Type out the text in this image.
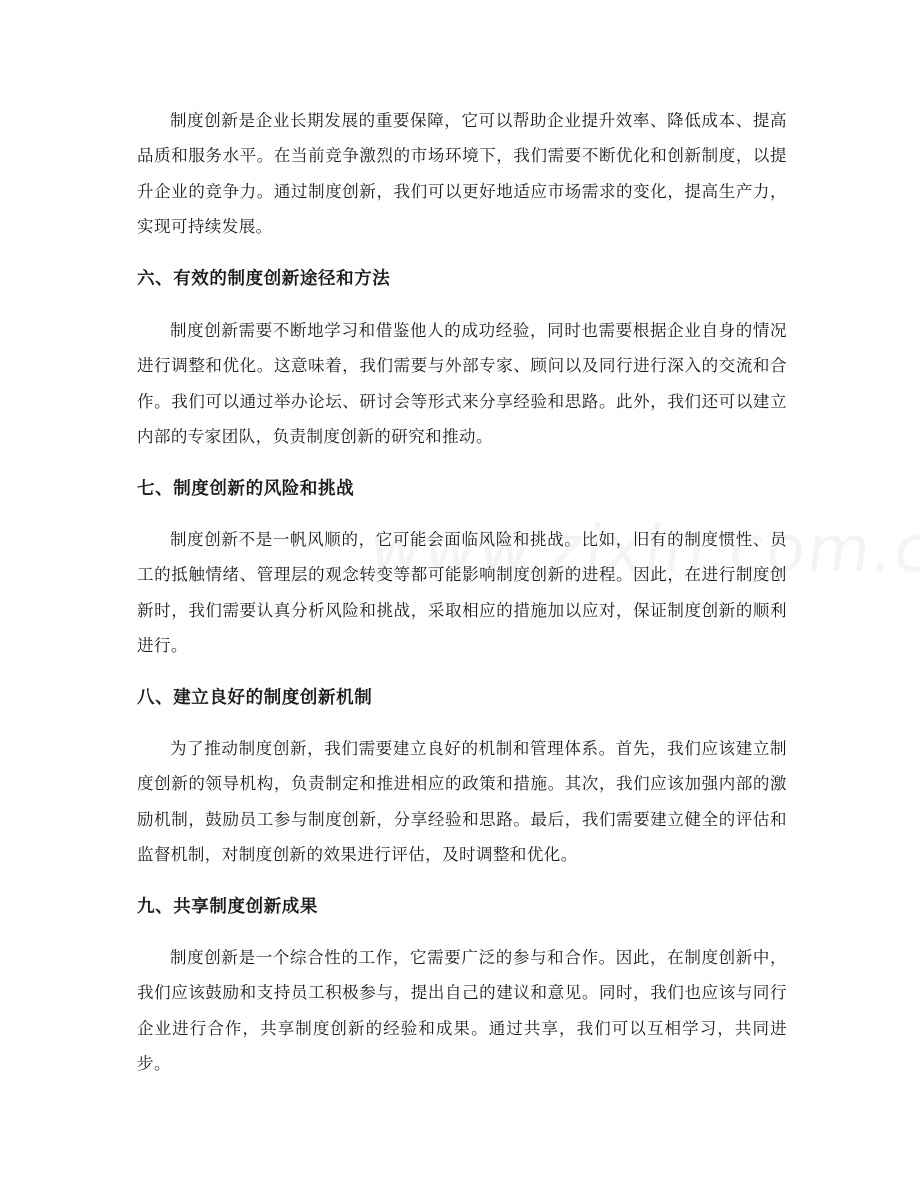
制度创新是企业长期发展的重要保障，它可以帮助企业提升效率、降低成本、提高品质和服务水平。在当前竞争激烈的市场环境下，我们需要不断优化和创新制度，以提升企业的竞争力。通过制度创新，我们可以更好地适应市场需求的变化，提高生产力，实现可持续发展。

六、有效的制度创新途径和方法

制度创新需要不断地学习和借鉴他人的成功经验，同时也需要根据企业自身的情况进行调整和优化。这意味着，我们需要与外部专家、顾问以及同行进行深入的交流和合作。我们可以通过举办论坛、研讨会等形式来分享经验和思路。此外，我们还可以建立内部的专家团队，负责制度创新的研究和推动。

七、制度创新的风险和挑战

制度创新不是一帆风顺的，它可能会面临风险和挑战。比如，旧有的制度惯性、员工的抵触情绪、管理层的观念转变等都可能影响制度创新的进程。因此，在进行制度创新时，我们需要认真分析风险和挑战，采取相应的措施加以应对，保证制度创新的顺利进行。

八、建立良好的制度创新机制

为了推动制度创新，我们需要建立良好的机制和管理体系。首先，我们应该建立制度创新的领导机构，负责制定和推进相应的政策和措施。其次，我们应该加强内部的激励机制，鼓励员工参与制度创新，分享经验和思路。最后，我们需要建立健全的评估和监督机制，对制度创新的效果进行评估，及时调整和优化。

九、共享制度创新成果

制度创新是一个综合性的工作，它需要广泛的参与和合作。因此，在制度创新中，我们应该鼓励和支持员工积极参与，提出自己的建议和意见。同时，我们也应该与同行企业进行合作，共享制度创新的经验和成果。通过共享，我们可以互相学习，共同进步。
